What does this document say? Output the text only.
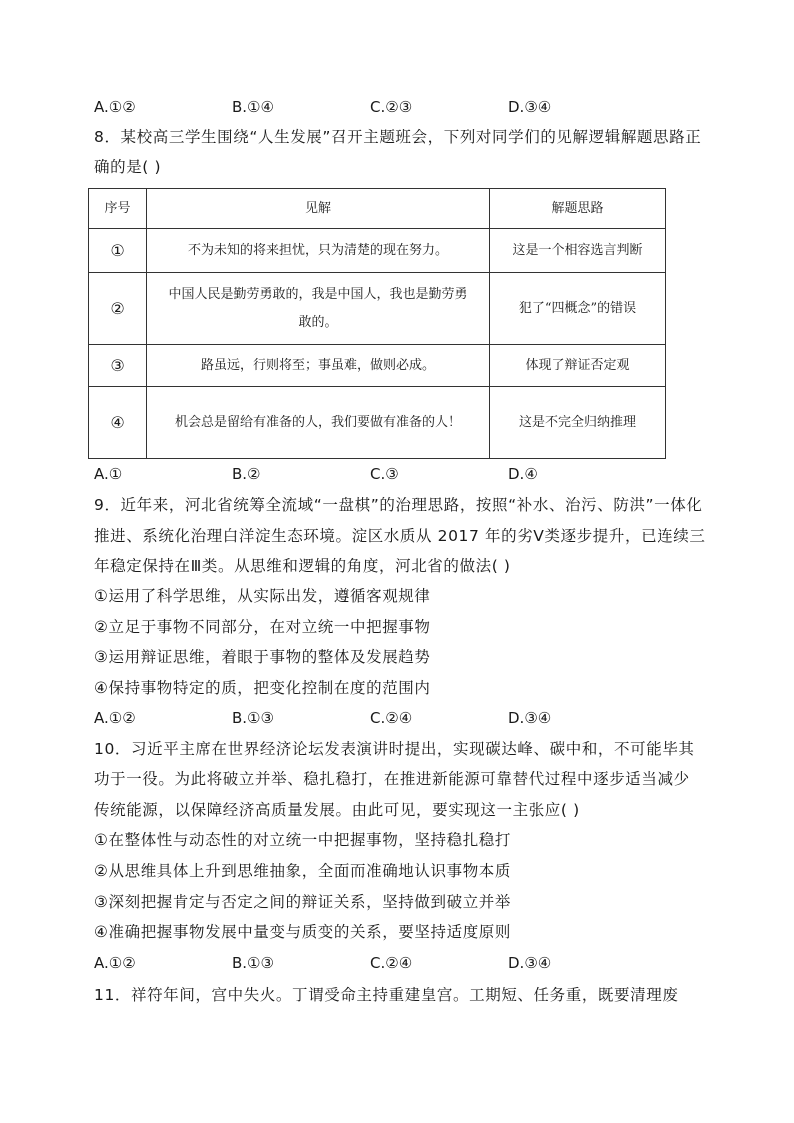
A.①②	B.①④	C.②③	D.③④
8．某校高三学生围绕“人生发展”召开主题班会，下列对同学们的见解逻辑解题思路正
确的是( )
序号	见解	解题思路
①	不为未知的将来担忧，只为清楚的现在努力。	这是一个相容选言判断
②	中国人民是勤劳勇敢的，我是中国人，我也是勤劳勇敢的。	犯了“四概念”的错误
③	路虽远，行则将至；事虽难，做则必成。	体现了辩证否定观
④	机会总是留给有准备的人，我们要做有准备的人！	这是不完全归纳推理
A.①	B.②	C.③	D.④
9．近年来，河北省统筹全流域“一盘棋”的治理思路，按照“补水、治污、防洪”一体化
推进、系统化治理白洋淀生态环境。淀区水质从 2017 年的劣Ⅴ类逐步提升，已连续三
年稳定保持在Ⅲ类。从思维和逻辑的角度，河北省的做法( )
①运用了科学思维，从实际出发，遵循客观规律
②立足于事物不同部分，在对立统一中把握事物
③运用辩证思维，着眼于事物的整体及发展趋势
④保持事物特定的质，把变化控制在度的范围内
A.①②	B.①③	C.②④	D.③④
10．习近平主席在世界经济论坛发表演讲时提出，实现碳达峰、碳中和，不可能毕其
功于一役。为此将破立并举、稳扎稳打，在推进新能源可靠替代过程中逐步适当减少
传统能源，以保障经济高质量发展。由此可见，要实现这一主张应( )
①在整体性与动态性的对立统一中把握事物，坚持稳扎稳打
②从思维具体上升到思维抽象，全面而准确地认识事物本质
③深刻把握肯定与否定之间的辩证关系，坚持做到破立并举
④准确把握事物发展中量变与质变的关系，要坚持适度原则
A.①②	B.①③	C.②④	D.③④
11．祥符年间，宫中失火。丁谓受命主持重建皇宫。工期短、任务重，既要清理废
